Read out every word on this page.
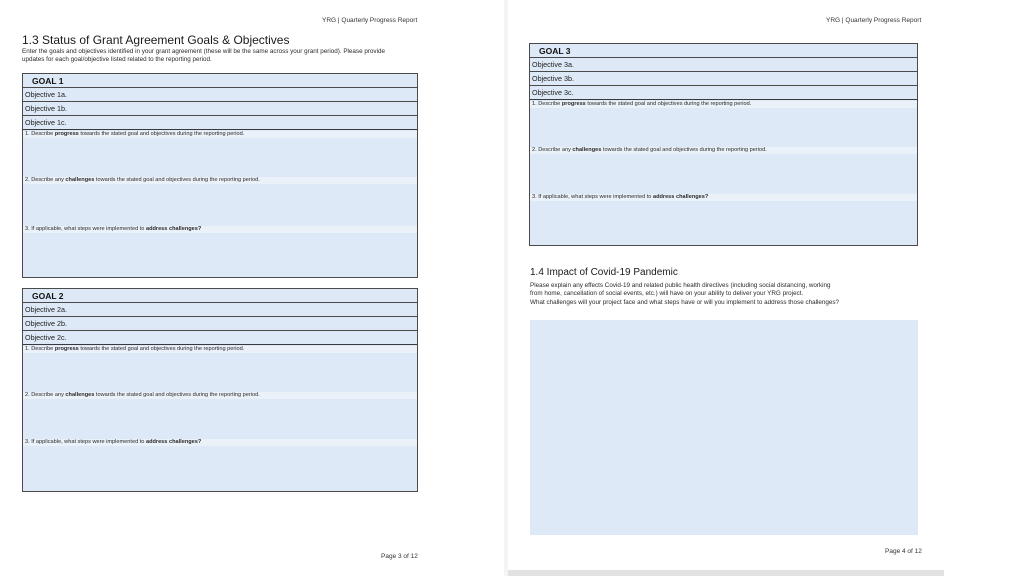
YRG | Quarterly Progress Report
1.3 Status of Grant Agreement Goals & Objectives

Enter the goals and objectives identified in your grant agreement (these will be the same across your grant period). Please provide

updates for each goal/objective listed related to the reporting period.

GOAL 1
Objective 1a.
Objective 1b.
Objective 1c.
1. Describe progress towards the stated goal and objectives during the reporting period.
2. Describe any challenges towards the stated goal and objectives during the reporting period.
3. If applicable, what steps were implemented to address challenges?
GOAL 2
Objective 2a.
Objective 2b.
Objective 2c.
1. Describe progress towards the stated goal and objectives during the reporting period.
2. Describe any challenges towards the stated goal and objectives during the reporting period.
3. If applicable, what steps were implemented to address challenges?
Page 3 of 12
YRG | Quarterly Progress Report
GOAL 3
Objective 3a.
Objective 3b.
Objective 3c.
1. Describe progress towards the stated goal and objectives during the reporting period.
2. Describe any challenges towards the stated goal and objectives during the reporting period.
3. If applicable, what steps were implemented to address challenges?
1.4 Impact of Covid-19 Pandemic

Please explain any effects Covid-19 and related public health directives (including social distancing, working

from home, cancellation of social events, etc.) will have on your ability to deliver your YRG project.

What challenges will your project face and what steps have or will you implement to address those challenges?

Page 4 of 12
